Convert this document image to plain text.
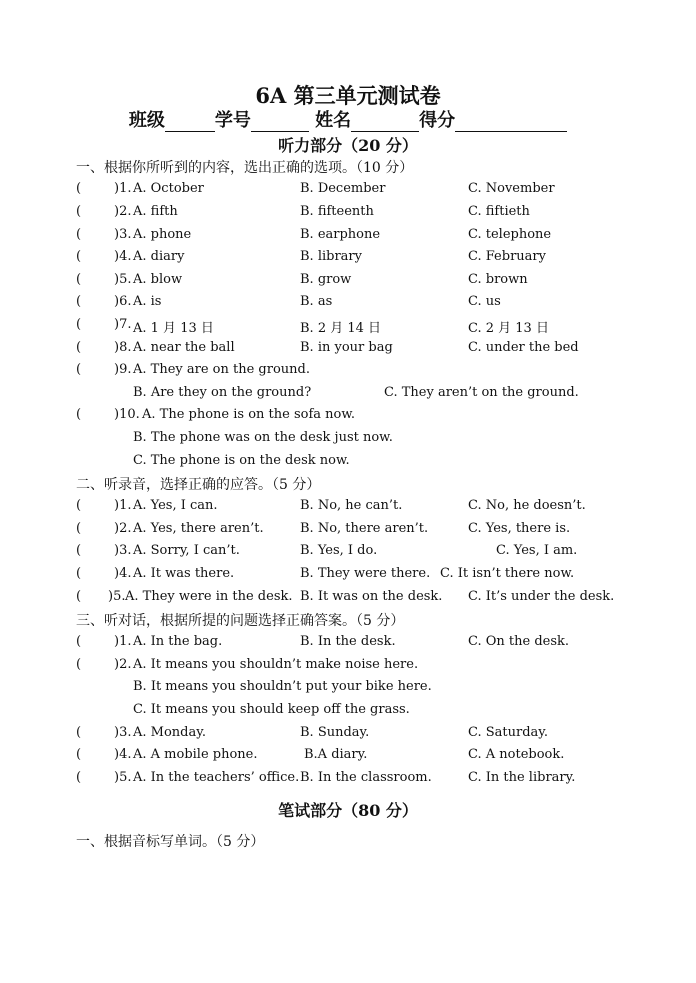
6A 第三单元测试卷
班级	学号	姓名	得分
听力部分（20 分）
一、根据你所听到的内容，选出正确的选项。（10 分）
(	)1. A. October	B. December	C. November
(	)2. A. fifth	B. fifteenth	C. fiftieth
(	)3. A. phone	B. earphone	C. telephone
(	)4. A. diary	B. library	C. February
(	)5. A. blow	B. grow	C. brown
(	)6. A. is	B. as	C. us
(	)7. A. 1 月 13 日	B. 2 月 14 日	C. 2 月 13 日
(	)8. A. near the ball	B. in your bag	C. under the bed
(	)9. A. They are on the ground.
B. Are they on the ground?	C. They aren’t on the ground.
(	)10. A. The phone is on the sofa now.
B. The phone was on the desk just now.
C. The phone is on the desk now.
二、听录音，选择正确的应答。（5 分）
(	)1. A. Yes, I can.	B. No, he can’t.	C. No, he doesn’t.
(	)2. A. Yes, there aren’t.	B. No, there aren’t.	C. Yes, there is.
(	)3. A. Sorry, I can’t.	B. Yes, I do.	C. Yes, I am.
(	)4. A. It was there.	B. They were there. C. It isn’t there now.
( )5. A. They were in the desk. B. It was on the desk. C. It’s under the desk.
三、听对话，根据所提的问题选择正确答案。（5 分）
(	)1. A. In the bag.	B. In the desk.	C. On the desk.
(	)2. A. It means you shouldn’t make noise here.
B. It means you shouldn’t put your bike here.
C. It means you should keep off the grass.
(	)3. A. Monday.	B. Sunday.	C. Saturday.
(	)4. A. A mobile phone.	B.A diary.	C. A notebook.
(	)5. A. In the teachers’ office. B. In the classroom.	C. In the library.
笔试部分（80 分）
一、根据音标写单词。（5 分）
